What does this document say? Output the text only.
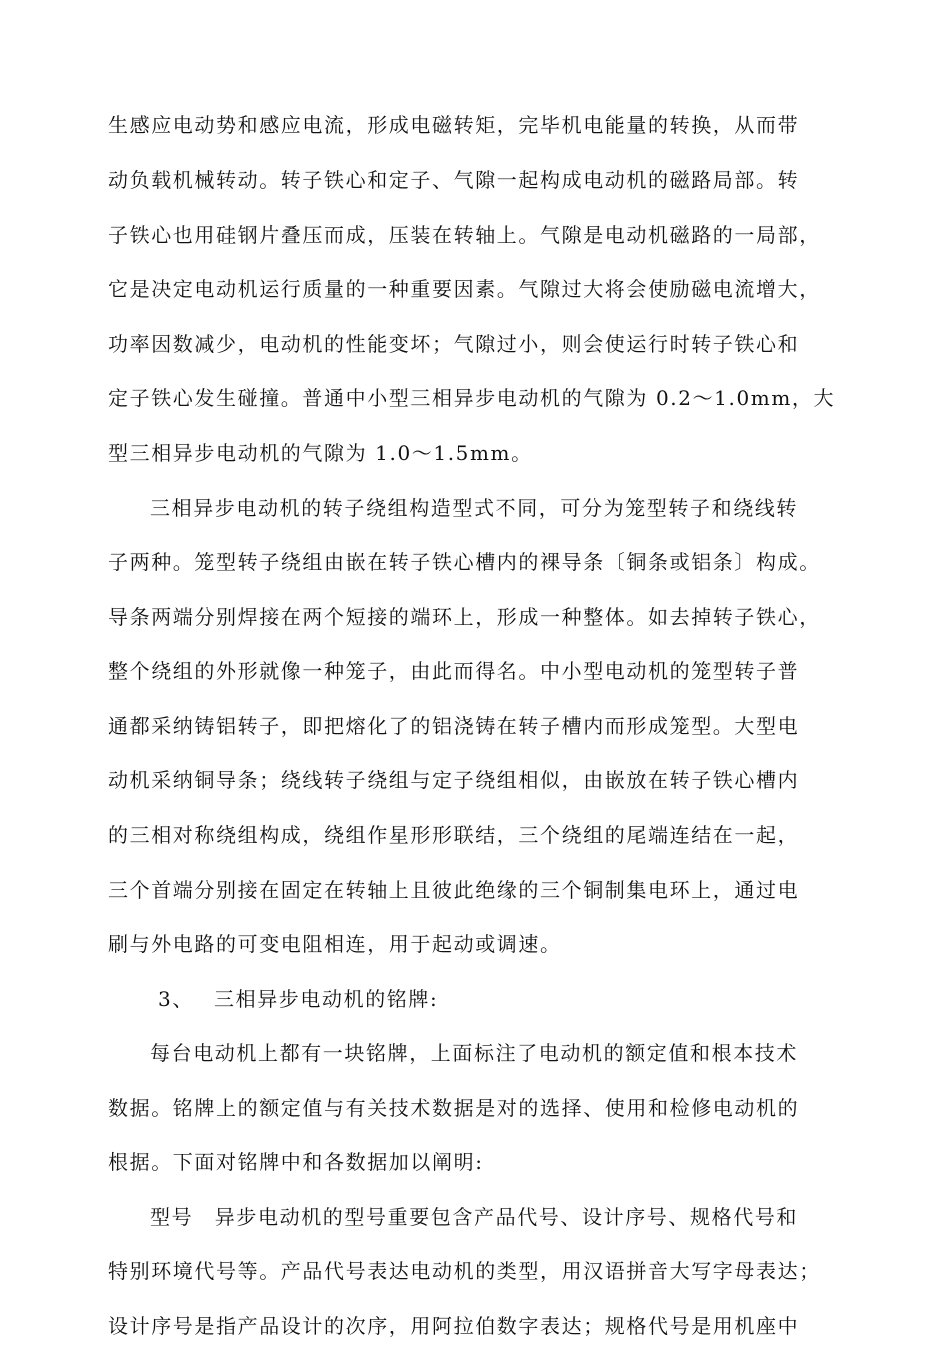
生感应电动势和感应电流，形成电磁转矩，完毕机电能量的转换，从而带
动负载机械转动。转子铁心和定子、气隙一起构成电动机的磁路局部。转
子铁心也用硅钢片叠压而成，压装在转轴上。气隙是电动机磁路的一局部，
它是决定电动机运行质量的一种重要因素。气隙过大将会使励磁电流增大，
功率因数减少，电动机的性能变坏；气隙过小，则会使运行时转子铁心和
定子铁心发生碰撞。普通中小型三相异步电动机的气隙为 0.2～1.0mm，大
型三相异步电动机的气隙为 1.0～1.5mm。
三相异步电动机的转子绕组构造型式不同，可分为笼型转子和绕线转
子两种。笼型转子绕组由嵌在转子铁心槽内的裸导条〔铜条或铝条〕构成。
导条两端分别焊接在两个短接的端环上，形成一种整体。如去掉转子铁心，
整个绕组的外形就像一种笼子，由此而得名。中小型电动机的笼型转子普
通都采纳铸铝转子，即把熔化了的铝浇铸在转子槽内而形成笼型。大型电
动机采纳铜导条；绕线转子绕组与定子绕组相似，由嵌放在转子铁心槽内
的三相对称绕组构成，绕组作星形形联结，三个绕组的尾端连结在一起，
三个首端分别接在固定在转轴上且彼此绝缘的三个铜制集电环上，通过电
刷与外电路的可变电阻相连，用于起动或调速。
3、 三相异步电动机的铭牌:
每台电动机上都有一块铭牌，上面标注了电动机的额定值和根本技术
数据。铭牌上的额定值与有关技术数据是对的选择、使用和检修电动机的
根据。下面对铭牌中和各数据加以阐明:
型号　异步电动机的型号重要包含产品代号、设计序号、规格代号和
特别环境代号等。产品代号表达电动机的类型，用汉语拼音大写字母表达；
设计序号是指产品设计的次序，用阿拉伯数字表达；规格代号是用机座中
